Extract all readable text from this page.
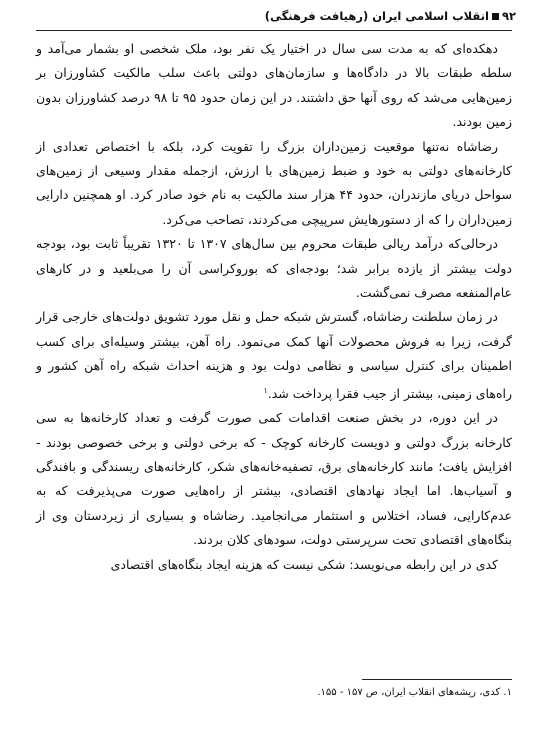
۹۲انقلاب اسلامی ایران (رهیافت فرهنگی)

دهکده‌ای که به مدت سی سال در اختیار یک نفر بود، ملک شخصی او بشمار می‌آمد و سلطه طبقات بالا در دادگاه‌ها و سازمان‌های دولتی باعث سلب مالکیت کشاورزان بر زمین‌هایی می‌شد که روی آنها حق داشتند. در این زمان حدود ۹۵ تا ۹۸ درصد کشاورزان بدون زمین بودند.

رضاشاه نه‌تنها موقعیت زمین‌داران بزرگ را تقویت کرد، بلکه با اختصاص تعدادی از کارخانه‌های دولتی به خود و ضبط زمین‌های با ارزش، ازجمله مقدار وسیعی از زمین‌های سواحل دریای مازندران، حدود ۴۴ هزار سند مالکیت به نام خود صادر کرد. او همچنین دارایی زمین‌داران را که از دستورهایش سرپیچی می‌کردند، تصاحب می‌کرد.

درحالی‌که درآمد ریالی طبقات محروم بین سال‌های ۱۳۰۷ تا ۱۳۲۰ تقریباً ثابت بود، بودجه دولت بیشتر از یازده برابر شد؛ بودجه‌ای که بوروکراسی آن را می‌بلعید و در کارهای عام‌المنفعه مصرف نمی‌گشت.

در زمان سلطنت رضاشاه، گسترش شبکه حمل و نقل مورد تشویق دولت‌های خارجی قرار گرفت، زیرا به فروش محصولات آنها کمک می‌نمود. راه آهن، بیشتر وسیله‌ای برای کسب اطمینان برای کنترل سیاسی و نظامی دولت بود و هزینه احداث شبکه راه آهن کشور و راه‌های زمینی، بیشتر از جیب فقرا پرداخت شد.$^۱$

در این دوره، در بخش صنعت اقدامات کمی صورت گرفت و تعداد کارخانه‌ها به سی کارخانه بزرگ دولتی و دویست کارخانه کوچک - که برخی دولتی و برخی خصوصی بودند - افزایش یافت؛ مانند کارخانه‌های برق، تصفیه‌خانه‌های شکر، کارخانه‌های ریسندگی و بافندگی و آسیاب‌ها. اما ایجاد نهادهای اقتصادی، بیشتر از راه‌هایی صورت می‌پذیرفت که به عدم‌کارایی، فساد، اختلاس و استثمار می‌انجامید. رضاشاه و بسیاری از زیردستان وی از بنگاه‌های اقتصادی تحت سرپرستی دولت، سودهای کلان بردند.

کدی در این رابطه می‌نویسد: شکی نیست که هزینه ایجاد بنگاه‌های اقتصادی

۱. کدی، ریشه‌های انقلاب ایران، ص ۱۵۷ - ۱۵۵.
